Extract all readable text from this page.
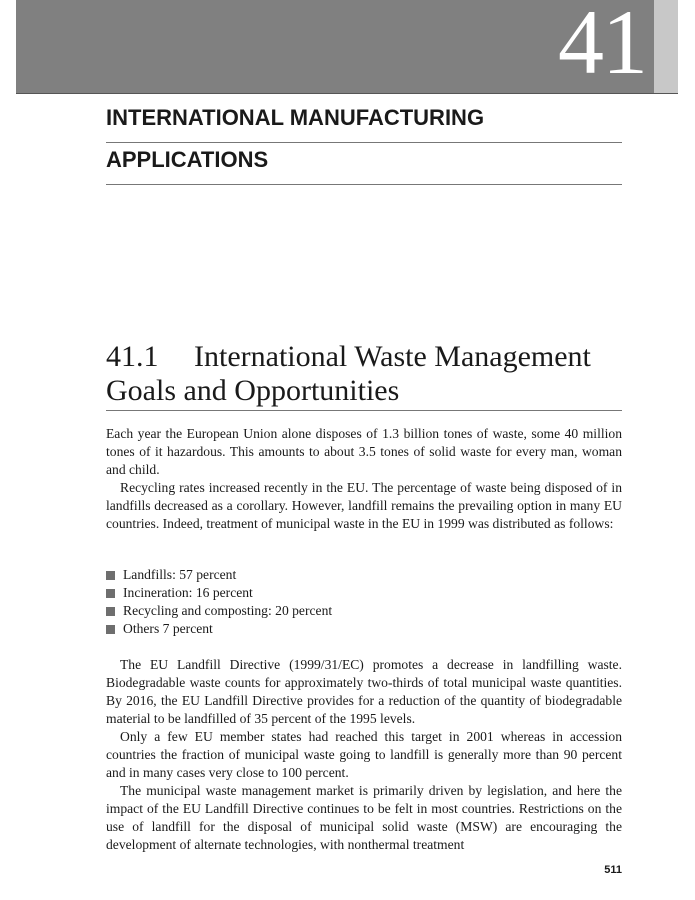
41
INTERNATIONAL MANUFACTURING
APPLICATIONS
41.1 International Waste Management
Goals and Opportunities

Each year the European Union alone disposes of 1.3 billion tones of waste, some 40 million tones of it hazardous. This amounts to about 3.5 tones of solid waste for every man, woman and child.

Recycling rates increased recently in the EU. The percentage of waste being disposed of in landfills decreased as a corollary. However, landfill remains the prevailing option in many EU countries. Indeed, treatment of municipal waste in the EU in 1999 was distributed as follows:

Landfills: 57 percent
Incineration: 16 percent
Recycling and composting: 20 percent
Others 7 percent

The EU Landfill Directive (1999/31/EC) promotes a decrease in landfilling waste. Biodegradable waste counts for approximately two-thirds of total municipal waste quantities. By 2016, the EU Landfill Directive provides for a reduction of the quantity of biodegradable material to be landfilled of 35 percent of the 1995 levels.

Only a few EU member states had reached this target in 2001 whereas in accession countries the fraction of municipal waste going to landfill is generally more than 90 percent and in many cases very close to 100 percent.

The municipal waste management market is primarily driven by legislation, and here the impact of the EU Landfill Directive continues to be felt in most countries. Restrictions on the use of landfill for the disposal of municipal solid waste (MSW) are encouraging the development of alternate technologies, with nonthermal treatment

511
